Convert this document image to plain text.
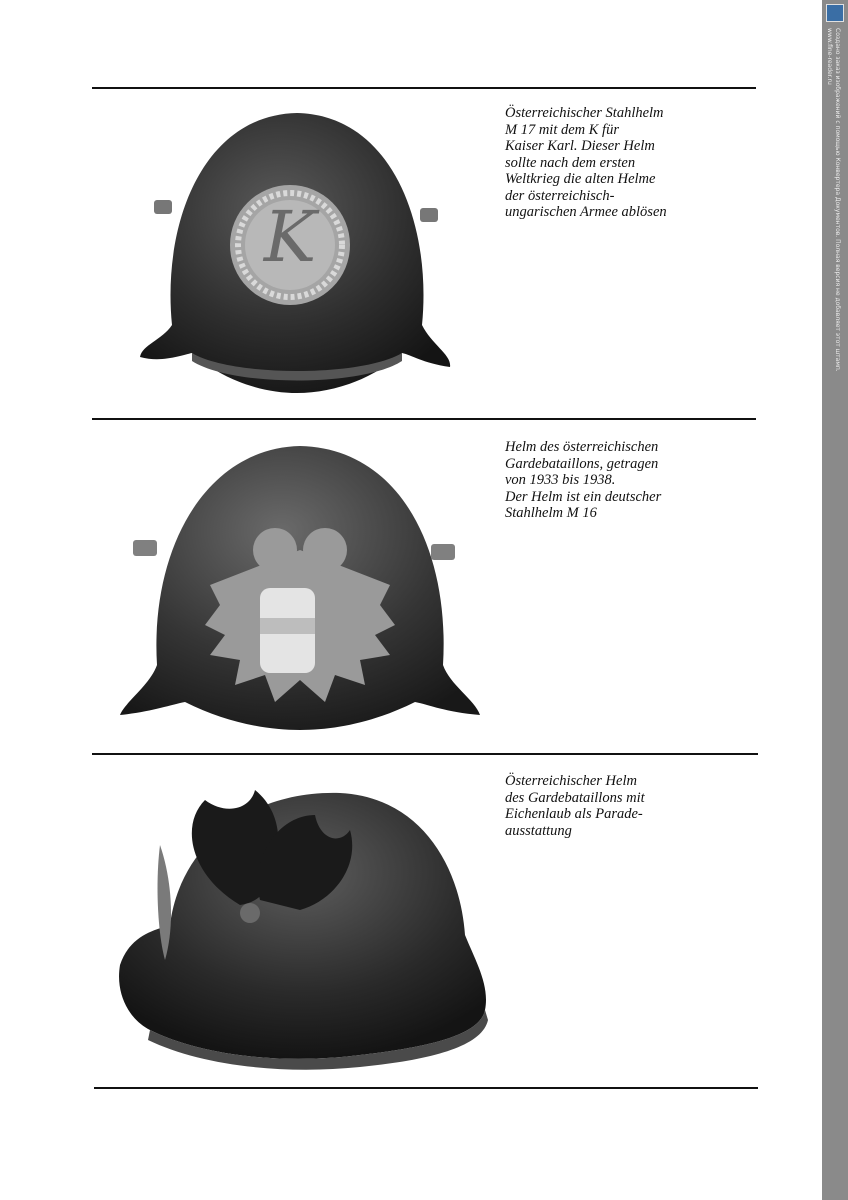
K
Österreichischer Stahlhelm
M 17 mit dem K für
Kaiser Karl. Dieser Helm
sollte nach dem ersten
Weltkrieg die alten Helme
der österreichisch-
ungarischen Armee ablösen
Helm des österreichischen
Gardebataillons, getragen
von 1933 bis 1938.
Der Helm ist ein deutscher
Stahlhelm M 16
Österreichischer Helm
des Gardebataillons mit
Eichenlaub als Parade-
ausstattung
Создано заказ изображений с помощью Конвертера Документов. Полная версия не добавляет этот штамп.
www.fine-reader.ru
